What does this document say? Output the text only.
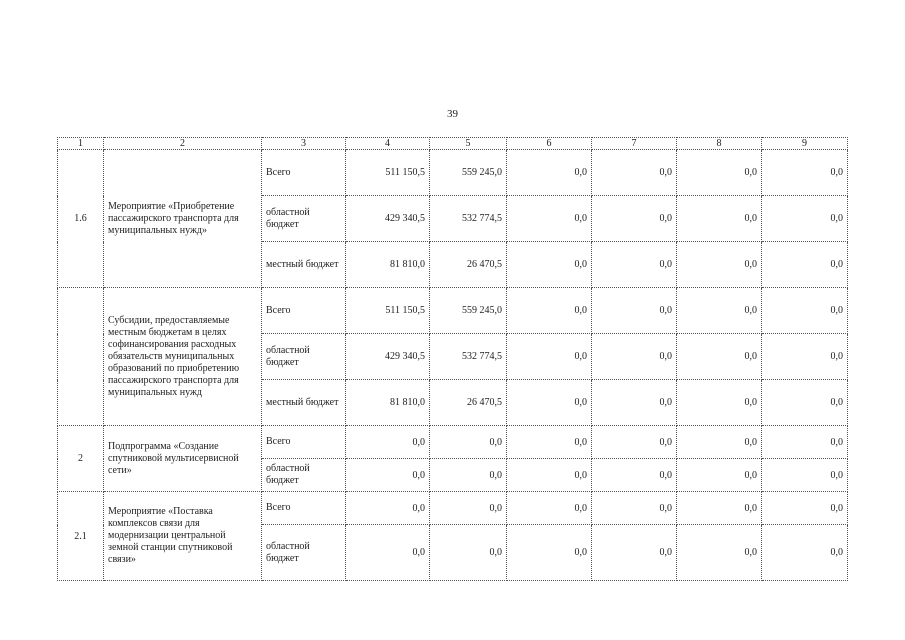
39
1	2	3	4	5	6	7	8	9
1.6	Мероприятие «Приобретение пассажирского транспорта для муниципальных нужд»	Всего	511 150,5	559 245,0	0,0	0,0	0,0	0,0
		областной бюджет	429 340,5	532 774,5	0,0	0,0	0,0	0,0
		местный бюджет	81 810,0	26 470,5	0,0	0,0	0,0	0,0
	Субсидии, предоставляемые местным бюджетам в целях софинансирования расходных обязательств муниципальных образований по приобретению пассажирского транспорта для муниципальных нужд	Всего	511 150,5	559 245,0	0,0	0,0	0,0	0,0
		областной бюджет	429 340,5	532 774,5	0,0	0,0	0,0	0,0
		местный бюджет	81 810,0	26 470,5	0,0	0,0	0,0	0,0
2	Подпрограмма «Создание спутниковой мультисервисной сети»	Всего	0,0	0,0	0,0	0,0	0,0	0,0
		областной бюджет	0,0	0,0	0,0	0,0	0,0	0,0
2.1	Мероприятие «Поставка комплексов связи для модернизации центральной земной станции спутниковой связи»	Всего	0,0	0,0	0,0	0,0	0,0	0,0
		областной бюджет	0,0	0,0	0,0	0,0	0,0	0,0
